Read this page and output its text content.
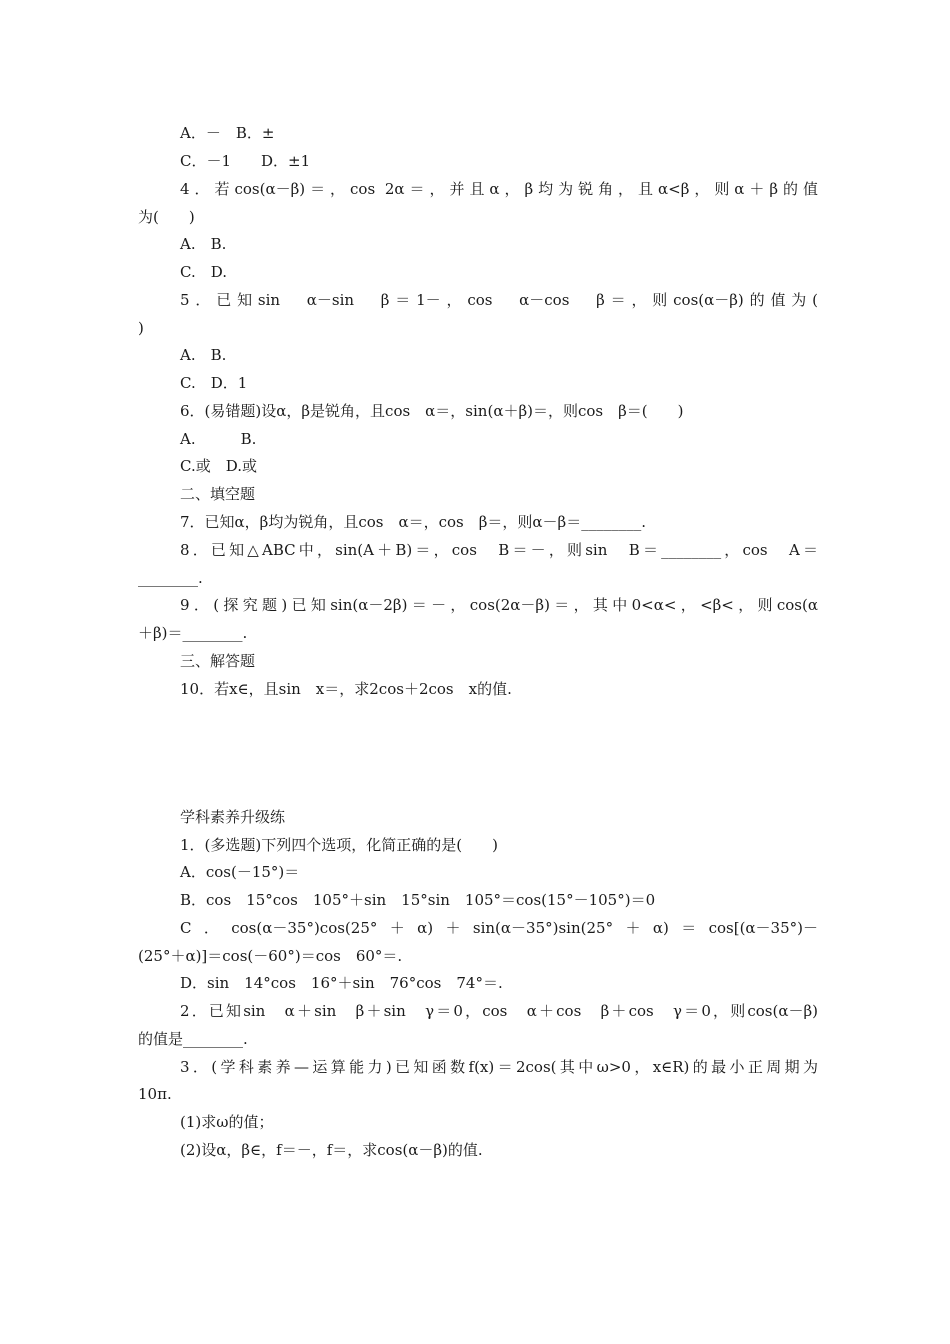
A．－　B．±
C．－1　　D．±1
4．若cos(α－β)＝，cos 2α＝，并且α，β均为锐角，且α<β，则α＋β的值
为(　　)
A.　B.
C.　D.
5．已知sin　α－sin　β＝1－，cos　α－cos　β＝，则cos(α－β)的值为(
)
A.　B.
C.　D．1
6．(易错题)设α，β是锐角，且cos　α＝，sin(α＋β)＝，则cos　β＝(　　)
A.　　　B.
C.或　D.或
二、填空题
7．已知α，β均为锐角，且cos　α＝，cos　β＝，则α－β＝________.
8．已知△ABC中，sin(A＋B)＝，cos　B＝－，则sin　B＝________，cos　A＝
________.
9．(探究题)已知sin(α－2β)＝－，cos(2α－β)＝，其中0<α<，<β<，则cos(α
＋β)＝________.
三、解答题
10．若x∈，且sin　x＝，求2cos＋2cos　x的值.
学科素养升级练
1．(多选题)下列四个选项，化简正确的是(　　)
A．cos(－15°)＝
B．cos　15°cos　105°＋sin　15°sin　105°＝cos(15°－105°)＝0
C．cos(α－35°)cos(25°＋α)＋sin(α－35°)sin(25°＋α)＝cos[(α－35°)－
(25°＋α)]＝cos(－60°)＝cos　60°＝.
D．sin　14°cos　16°＋sin　76°cos　74°＝.
2．已知sin　α＋sin　β＋sin　γ＝0，cos　α＋cos　β＋cos　γ＝0，则cos(α－β)
的值是________.
3．(学科素养—运算能力)已知函数f(x)＝2cos(其中ω>0，x∈R)的最小正周期为
10π.
(1)求ω的值；
(2)设α，β∈，f＝－，f＝，求cos(α－β)的值.
